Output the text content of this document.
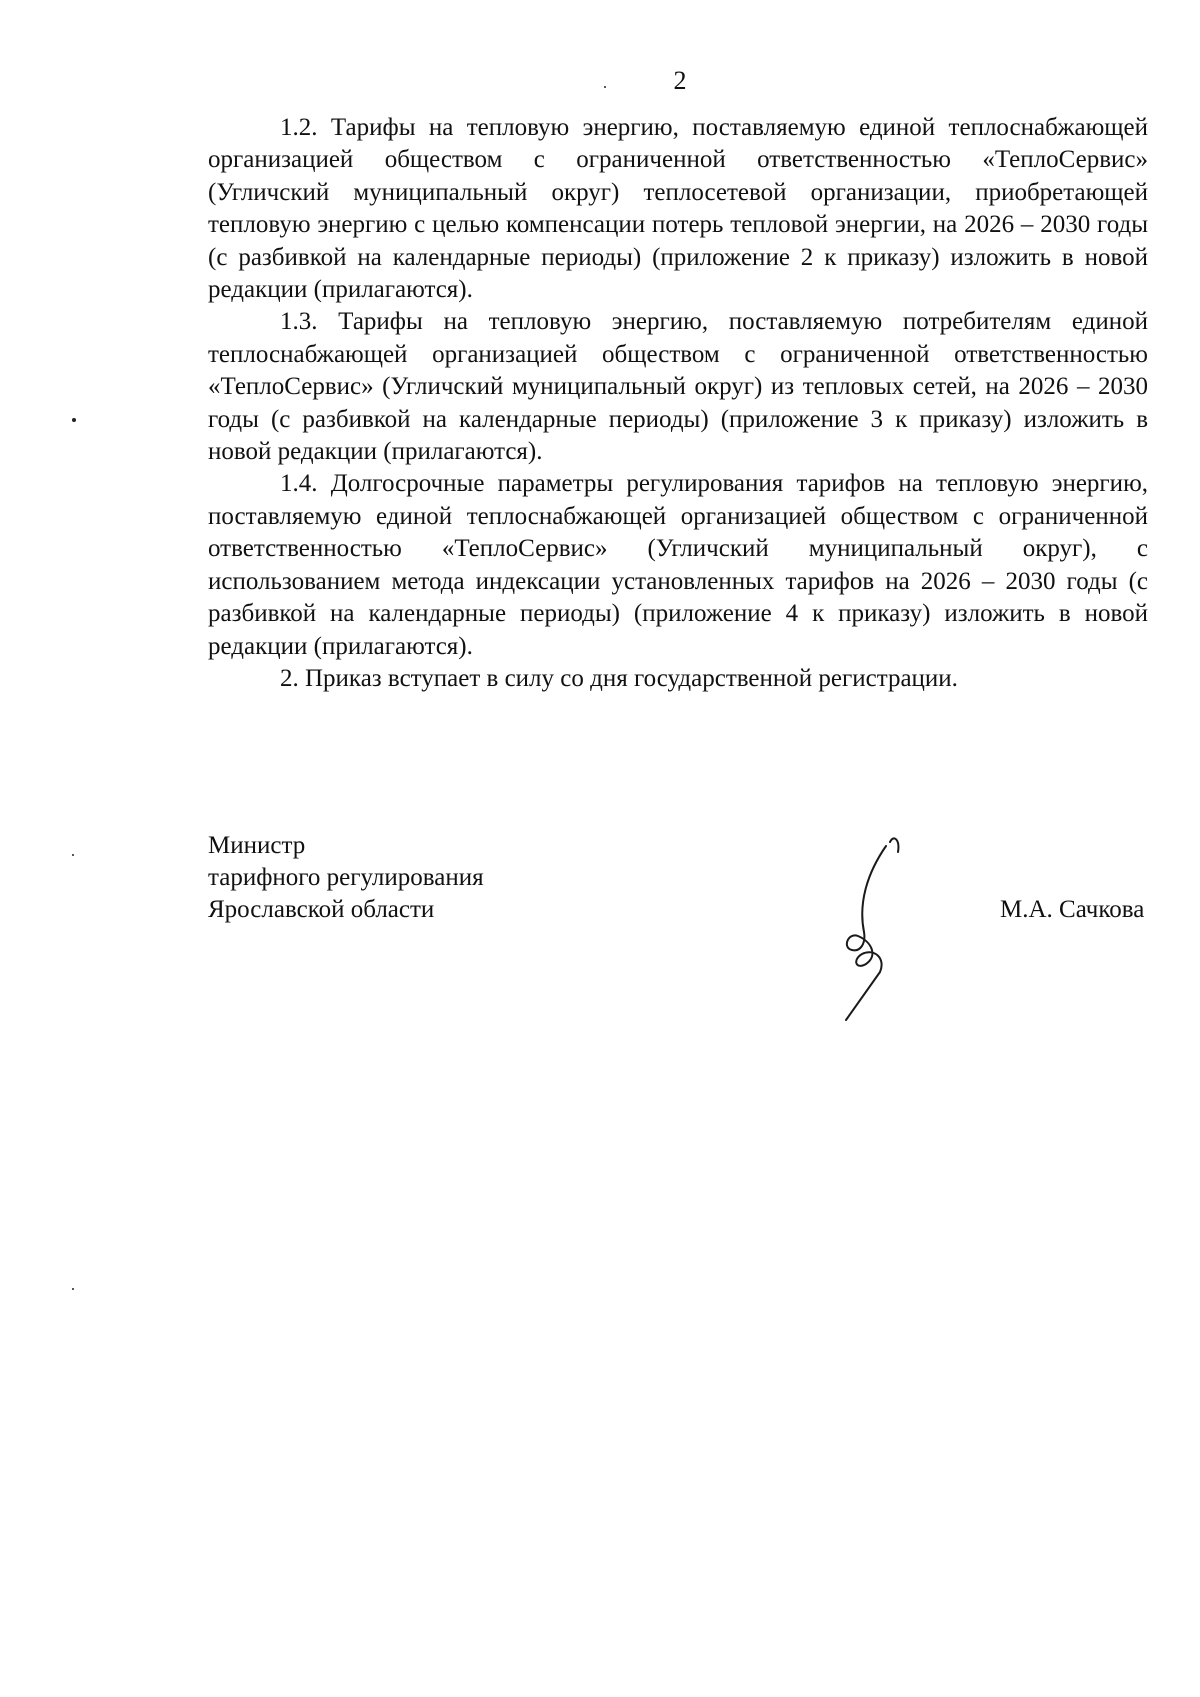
2

1.2. Тарифы на тепловую энергию, поставляемую единой теплоснабжающей организацией обществом с ограниченной ответственностью «ТеплоСервис» (Угличский муниципальный округ) теплосетевой организации, приобретающей тепловую энергию с целью компенсации потерь тепловой энергии, на 2026 – 2030 годы (с разбивкой на календарные периоды) (приложение 2 к приказу) изложить в новой редакции (прилагаются).

1.3. Тарифы на тепловую энергию, поставляемую потребителям единой теплоснабжающей организацией обществом с ограниченной ответственностью «ТеплоСервис» (Угличский муниципальный округ) из тепловых сетей, на 2026 – 2030 годы (с разбивкой на календарные периоды) (приложение 3 к приказу) изложить в новой редакции (прилагаются).

1.4. Долгосрочные параметры регулирования тарифов на тепловую энергию, поставляемую единой теплоснабжающей организацией обществом с ограниченной ответственностью «ТеплоСервис» (Угличский муниципальный округ), с использованием метода индексации установленных тарифов на 2026 – 2030 годы (с разбивкой на календарные периоды) (приложение 4 к приказу) изложить в новой редакции (прилагаются).

2. Приказ вступает в силу со дня государственной регистрации.

Министр
тарифного регулирования
Ярославской области	М.А. Сачкова
